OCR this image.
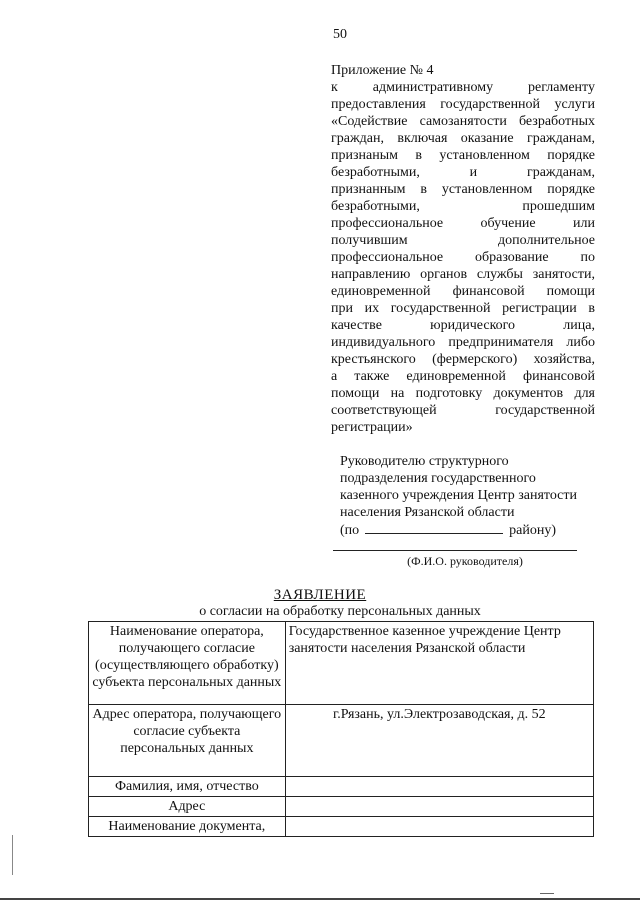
50
Приложение № 4
к административному регламенту
предоставления государственной услуги
«Содействие самозанятости безработных
граждан, включая оказание гражданам,
признаным в установленном порядке
безработными, и гражданам,
признанным в установленном порядке
безработными, прошедшим
профессиональное обучение или
получившим дополнительное
профессиональное образование по
направлению органов службы занятости,
единовременной финансовой помощи
при их государственной регистрации в
качестве юридического лица,
индивидуального предпринимателя либо
крестьянского (фермерского) хозяйства,
а также единовременной финансовой
помощи на подготовку документов для
соответствующей государственной
регистрации»
Руководителю структурного
подразделения государственного
казенного учреждения Центр занятости
населения Рязанской области
(по	району)
(Ф.И.О. руководителя)
ЗАЯВЛЕНИЕ
о согласии на обработку персональных данных
Наименование оператора, получающего согласие (осуществляющего обработку) субъекта персональных данных	Государственное казенное учреждение Центр занятости населения Рязанской области
Адрес оператора, получающего согласие субъекта персональных данных	г.Рязань, ул.Электрозаводская, д. 52
Фамилия, имя, отчество	
Адрес	
Наименование документа,	
